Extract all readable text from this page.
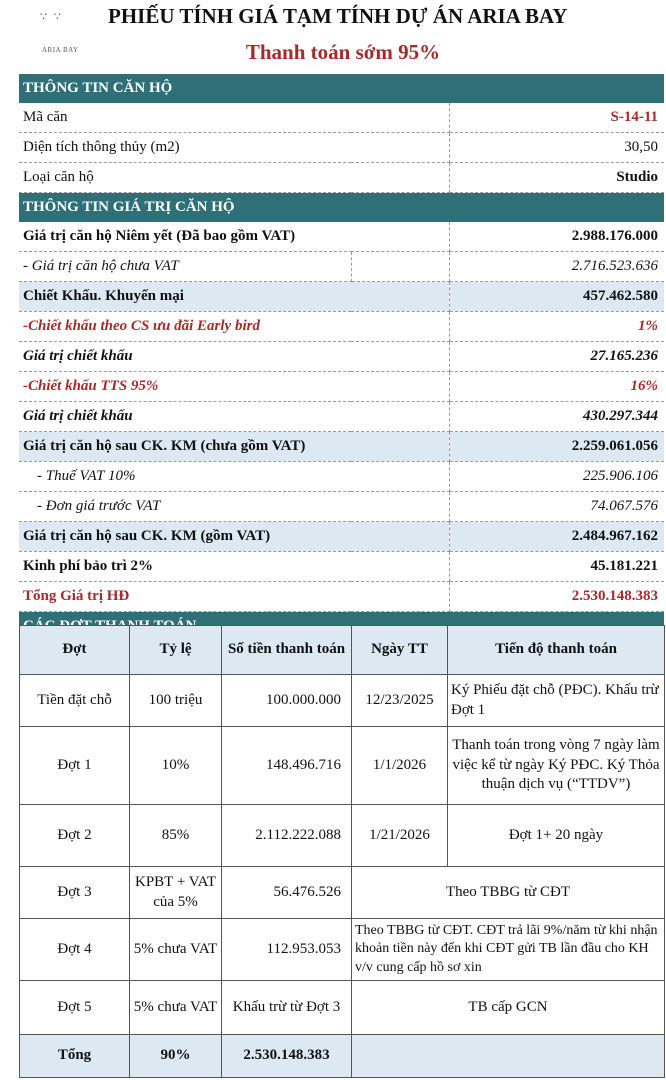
∵ ∵
ARIA BAY
PHIẾU TÍNH GIÁ TẠM TÍNH DỰ ÁN ARIA BAY
Thanh toán sớm 95%
THÔNG TIN CĂN HỘ		
Mã căn		S-14-11
Diện tích thông thủy (m2)		30,50
Loại căn hộ		Studio
THÔNG TIN GIÁ TRỊ CĂN HỘ		
Giá trị căn hộ Niêm yết (Đã bao gồm VAT)		2.988.176.000
- Giá trị căn hộ chưa VAT		2.716.523.636
Chiết Khấu. Khuyến mại		457.462.580
-Chiết khấu theo CS ưu đãi Early bird		1%
Giá trị chiết khấu		27.165.236
-Chiết khấu TTS 95%		16%
Giá trị chiết khấu		430.297.344
Giá trị căn hộ sau CK. KM (chưa gồm VAT)		2.259.061.056
- Thuế VAT 10%		225.906.106
- Đơn giá trước VAT		74.067.576
Giá trị căn hộ sau CK. KM (gồm VAT)		2.484.967.162
Kinh phí bảo trì 2%		45.181.221
Tổng Giá trị HĐ		2.530.148.383

Đợt	Tỷ lệ	Số tiền thanh toán	Ngày TT	Tiến độ thanh toán
Tiền đặt chỗ	100 triệu	100.000.000	12/23/2025	Ký Phiếu đặt chỗ (PĐC). Khấu trừ Đợt 1
Đợt 1	10%	148.496.716	1/1/2026	Thanh toán trong vòng 7 ngày làm việc kể từ ngày Ký PĐC. Ký Thỏa thuận dịch vụ (“TTDV”)
Đợt 2	85%	2.112.222.088	1/21/2026	Đợt 1+ 20 ngày
Đợt 3	KPBT + VAT của 5%	56.476.526	Theo TBBG từ CĐT	
Đợt 4	5% chưa VAT	112.953.053	Theo TBBG từ CĐT. CĐT trả lãi 9%/năm từ khi nhận khoản tiền này đến khi CĐT gửi TB lần đầu cho KH v/v cung cấp hồ sơ xin	
Đợt 5	5% chưa VAT	Khấu trừ từ Đợt 3	TB cấp GCN	
Tổng	90%	2.530.148.383		
